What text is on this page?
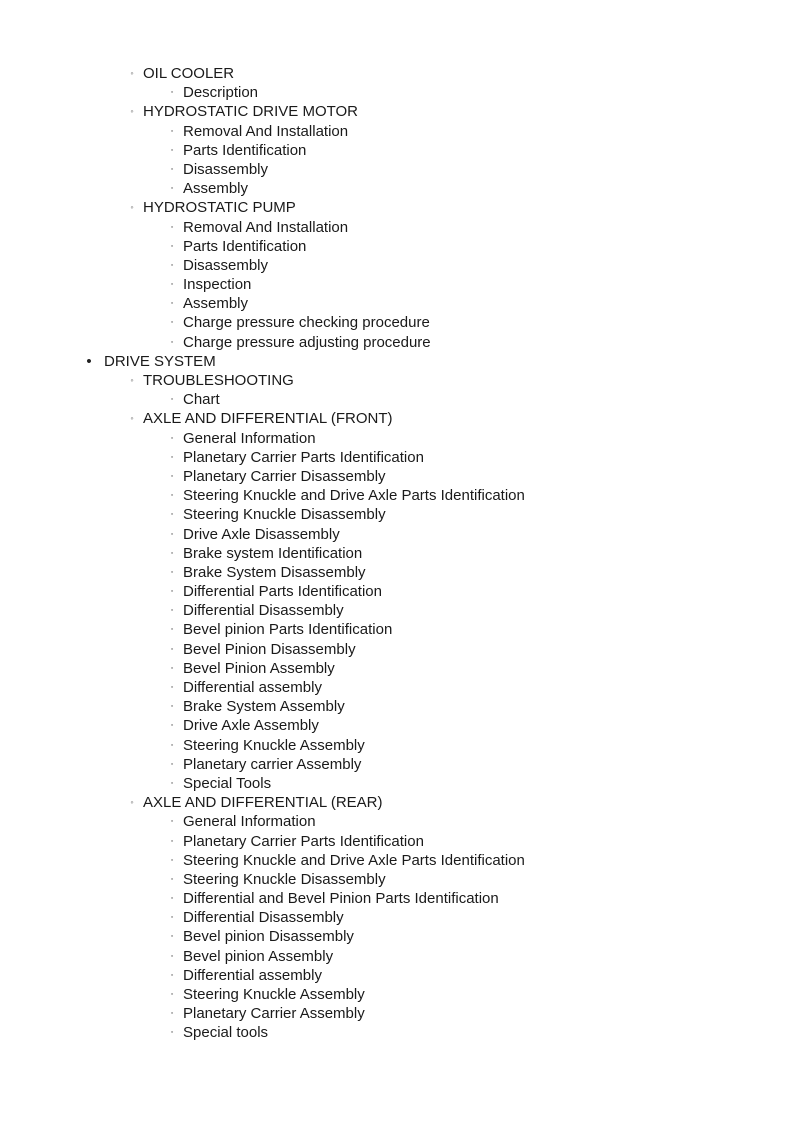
◦ OIL COOLER
▫ Description
◦ HYDROSTATIC DRIVE MOTOR
▫ Removal And Installation
▫ Parts Identification
▫ Disassembly
▫ Assembly
◦ HYDROSTATIC PUMP
▫ Removal And Installation
▫ Parts Identification
▫ Disassembly
▫ Inspection
▫ Assembly
▫ Charge pressure checking procedure
▫ Charge pressure adjusting procedure
• DRIVE SYSTEM
◦ TROUBLESHOOTING
▫ Chart
◦ AXLE AND DIFFERENTIAL (FRONT)
▫ General Information
▫ Planetary Carrier Parts Identification
▫ Planetary Carrier Disassembly
▫ Steering Knuckle and Drive Axle Parts Identification
▫ Steering Knuckle Disassembly
▫ Drive Axle Disassembly
▫ Brake system Identification
▫ Brake System Disassembly
▫ Differential Parts Identification
▫ Differential Disassembly
▫ Bevel pinion Parts Identification
▫ Bevel Pinion Disassembly
▫ Bevel Pinion Assembly
▫ Differential assembly
▫ Brake System Assembly
▫ Drive Axle Assembly
▫ Steering Knuckle Assembly
▫ Planetary carrier Assembly
▫ Special Tools
◦ AXLE AND DIFFERENTIAL (REAR)
▫ General Information
▫ Planetary Carrier Parts Identification
▫ Steering Knuckle and Drive Axle Parts Identification
▫ Steering Knuckle Disassembly
▫ Differential and Bevel Pinion Parts Identification
▫ Differential Disassembly
▫ Bevel pinion Disassembly
▫ Bevel pinion Assembly
▫ Differential assembly
▫ Steering Knuckle Assembly
▫ Planetary Carrier Assembly
▫ Special tools
